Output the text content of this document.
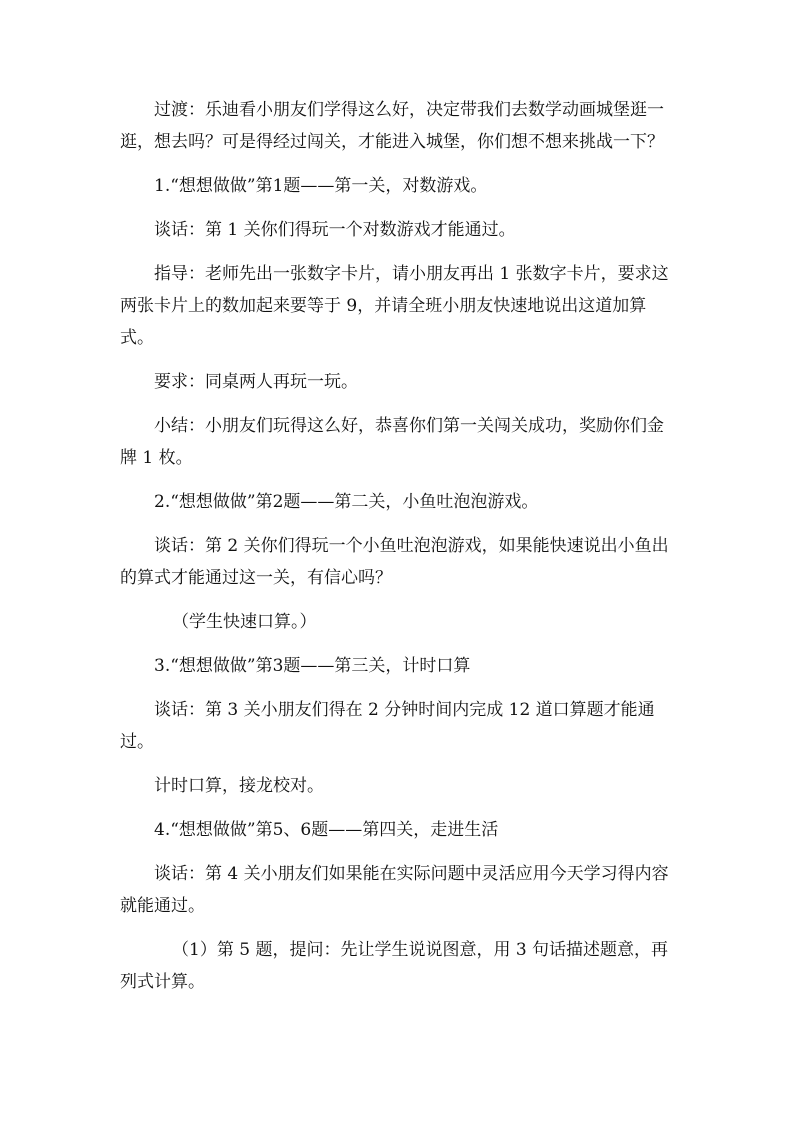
过渡：乐迪看小朋友们学得这么好，决定带我们去数学动画城堡逛一逛，想去吗？可是得经过闯关，才能进入城堡，你们想不想来挑战一下？

1.“想想做做”第1题——第一关，对数游戏。

谈话：第 1 关你们得玩一个对数游戏才能通过。

指导：老师先出一张数字卡片，请小朋友再出 1 张数字卡片，要求这两张卡片上的数加起来要等于 9，并请全班小朋友快速地说出这道加算式。

要求：同桌两人再玩一玩。

小结：小朋友们玩得这么好，恭喜你们第一关闯关成功，奖励你们金牌 1 枚。

2.“想想做做”第2题——第二关，小鱼吐泡泡游戏。

谈话：第 2 关你们得玩一个小鱼吐泡泡游戏，如果能快速说出小鱼出的算式才能通过这一关，有信心吗？

（学生快速口算。）

3.“想想做做”第3题——第三关，计时口算

谈话：第 3 关小朋友们得在 2 分钟时间内完成 12 道口算题才能通过。

计时口算，接龙校对。

4.“想想做做”第5、6题——第四关，走进生活

谈话：第 4 关小朋友们如果能在实际问题中灵活应用今天学习得内容就能通过。

（1）第 5 题，提问：先让学生说说图意，用 3 句话描述题意，再列式计算。
